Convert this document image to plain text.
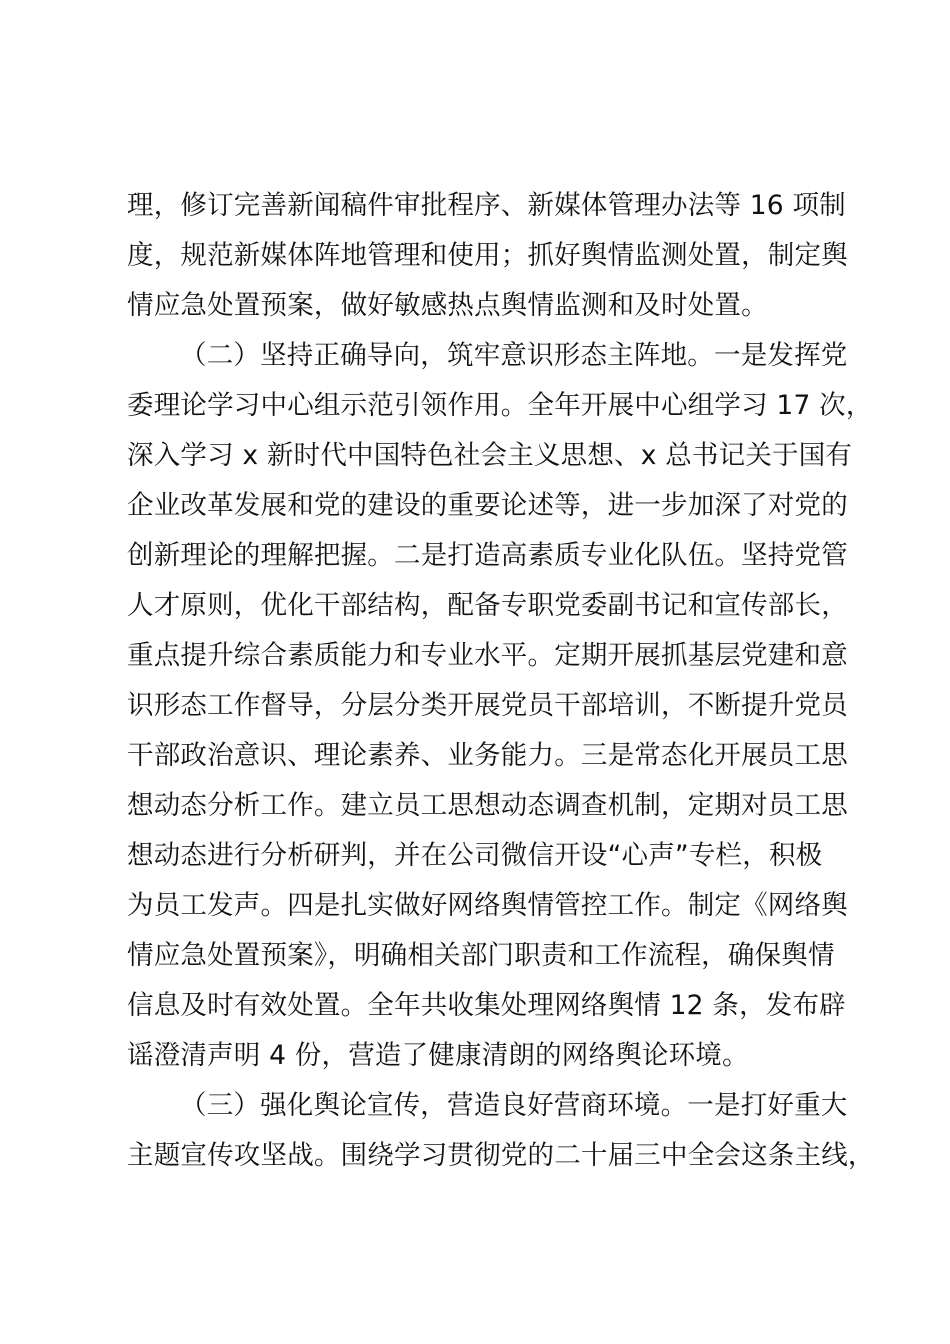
理，修订完善新闻稿件审批程序、新媒体管理办法等 16 项制
度，规范新媒体阵地管理和使用；抓好舆情监测处置，制定舆
情应急处置预案，做好敏感热点舆情监测和及时处置。
（二）坚持正确导向，筑牢意识形态主阵地。一是发挥党
委理论学习中心组示范引领作用。全年开展中心组学习 17 次，
深入学习 x 新时代中国特色社会主义思想、x 总书记关于国有
企业改革发展和党的建设的重要论述等，进一步加深了对党的
创新理论的理解把握。二是打造高素质专业化队伍。坚持党管
人才原则，优化干部结构，配备专职党委副书记和宣传部长，
重点提升综合素质能力和专业水平。定期开展抓基层党建和意
识形态工作督导，分层分类开展党员干部培训，不断提升党员
干部政治意识、理论素养、业务能力。三是常态化开展员工思
想动态分析工作。建立员工思想动态调查机制，定期对员工思
想动态进行分析研判，并在公司微信开设“心声”专栏，积极
为员工发声。四是扎实做好网络舆情管控工作。制定《网络舆
情应急处置预案》，明确相关部门职责和工作流程，确保舆情
信息及时有效处置。全年共收集处理网络舆情 12 条，发布辟
谣澄清声明 4 份，营造了健康清朗的网络舆论环境。
（三）强化舆论宣传，营造良好营商环境。一是打好重大
主题宣传攻坚战。围绕学习贯彻党的二十届三中全会这条主线，
